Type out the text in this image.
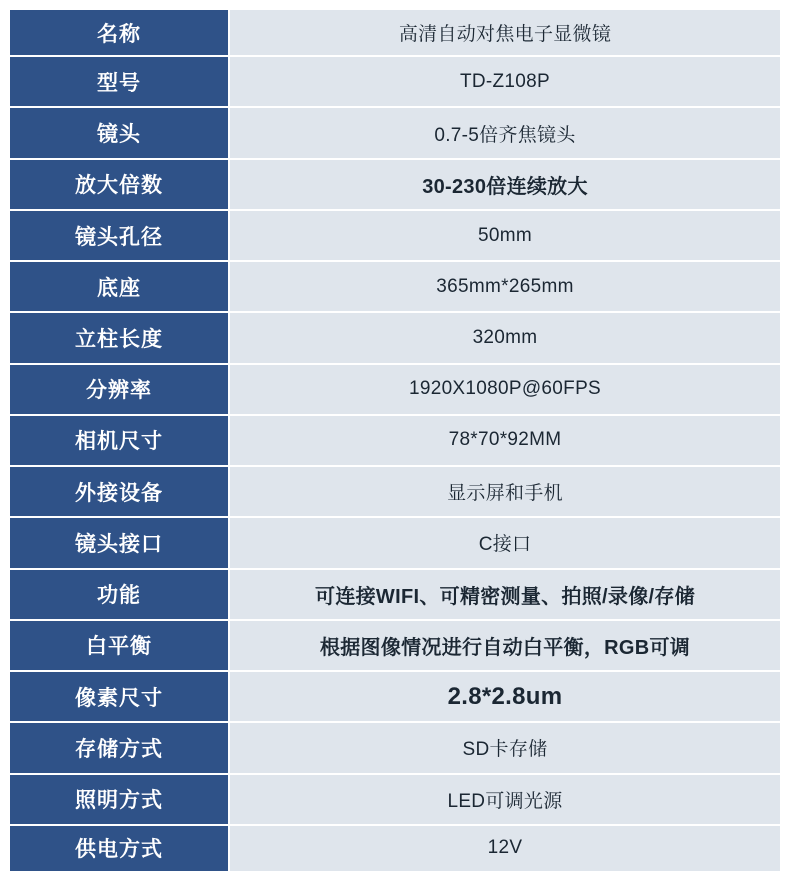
名称	高清自动对焦电子显微镜
型号	TD-Z108P
镜头	0.7-5倍齐焦镜头
放大倍数	30-230倍连续放大
镜头孔径	50mm
底座	365mm*265mm
立柱长度	320mm
分辨率	1920X1080P@60FPS
相机尺寸	78*70*92MM
外接设备	显示屏和手机
镜头接口	C接口
功能	可连接WIFI、可精密测量、拍照/录像/存储
白平衡	根据图像情况进行自动白平衡，RGB可调
像素尺寸	2.8*2.8um
存储方式	SD卡存储
照明方式	LED可调光源
供电方式	12V
